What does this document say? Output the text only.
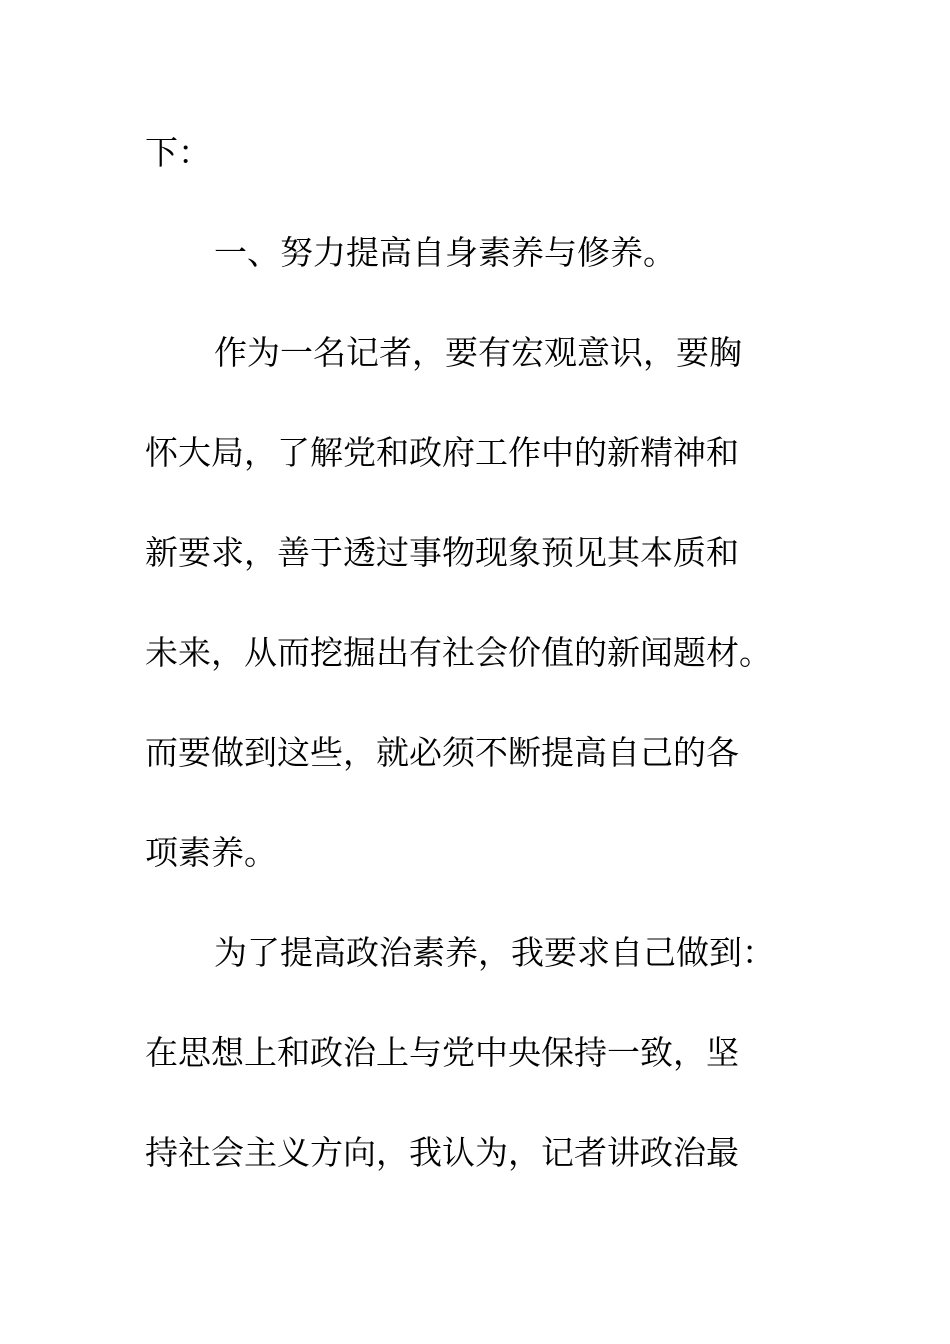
下：
一、努力提高自身素养与修养。
作为一名记者，要有宏观意识，要胸
怀大局，了解党和政府工作中的新精神和
新要求，善于透过事物现象预见其本质和
未来，从而挖掘出有社会价值的新闻题材。
而要做到这些，就必须不断提高自己的各
项素养。
为了提高政治素养，我要求自己做到：
在思想上和政治上与党中央保持一致，坚
持社会主义方向，我认为，记者讲政治最
